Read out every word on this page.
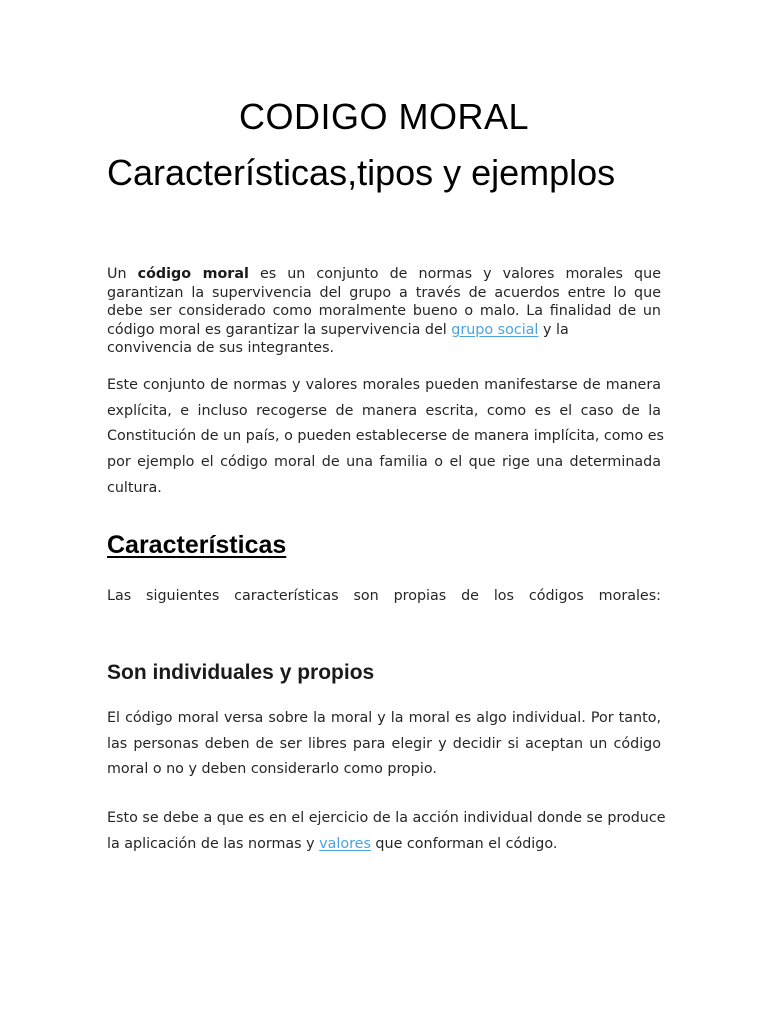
CODIGO MORAL
Características,tipos y ejemplos

Un código moral es un conjunto de normas y valores morales que
garantizan la supervivencia del grupo a través de acuerdos entre lo que
debe ser considerado como moralmente bueno o malo. La finalidad de un
código moral es garantizar la supervivencia del grupo social y la
convivencia de sus integrantes.

Este conjunto de normas y valores morales pueden manifestarse de manera
explícita, e incluso recogerse de manera escrita, como es el caso de la
Constitución de un país, o pueden establecerse de manera implícita, como es
por ejemplo el código moral de una familia o el que rige una determinada
cultura.

Características

Las siguientes características son propias de los códigos morales:

Son individuales y propios

El código moral versa sobre la moral y la moral es algo individual. Por tanto,
las personas deben de ser libres para elegir y decidir si aceptan un código
moral o no y deben considerarlo como propio.

Esto se debe a que es en el ejercicio de la acción individual donde se produce
la aplicación de las normas y valores que conforman el código.
